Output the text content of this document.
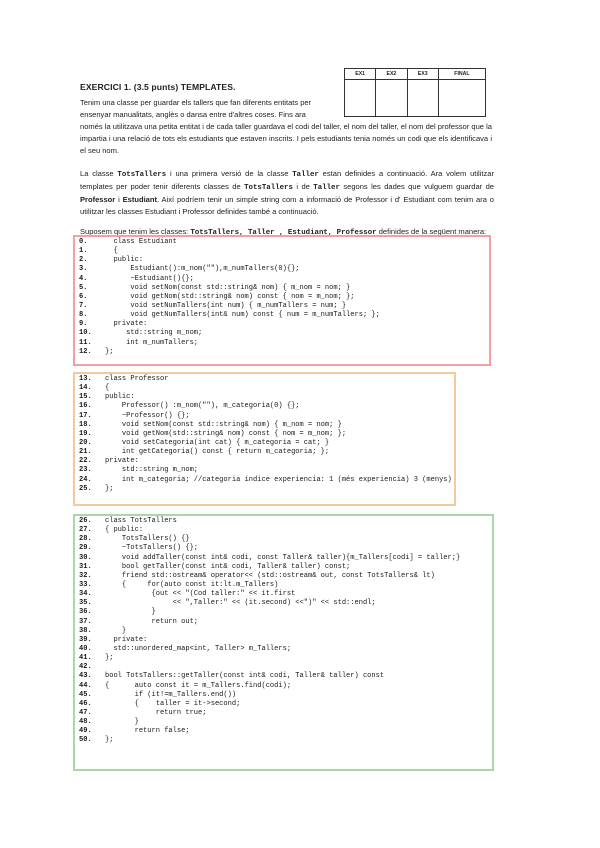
EXERCICI 1. (3.5 punts) TEMPLATES.
EX1	EX2	EX3	FINAL

Tenim una classe per guardar els tallers que fan diferents entitats per

ensenyar manualitats, anglès o dansa entre d'altres coses. Fins ara

només la utilitzava una petita entitat i de cada taller guardava el codi del taller, el nom del taller, el nom del professor que la impartia i una relació de tots els estudiants que estaven inscrits. I pels estudiants tenia només un codi que els identificava i el seu nom.

La classe TotsTallers i una primera versió de la classe Taller estan definides a continuació. Ara volem utilitzar templates per poder tenir diferents classes de TotsTallers i de Taller segons les dades que vulguem guardar de Professor i Estudiant. Així podríem tenir un simple string com a informació de Professor i d' Estudiant com tenim ara o utilitzar les classes Estudiant i Professor definides també a continuació.

Suposem que tenim les classes: TotsTallers, Taller , Estudiant, Professor definides de la següent manera:

0.  class Estudiant
1.  {
2.  public:
3.      Estudiant():m_nom(""),m_numTallers(0){};
4.      ~Estudiant(){};
5.      void setNom(const std::string& nom) { m_nom = nom; }
6.      void getNom(std::string& nom) const { nom = m_nom; };
7.      void setNumTallers(int num) { m_numTallers = num; }
8.      void getNumTallers(int& num) const { num = m_numTallers; };
9.  private:
10.     std::string m_nom;
11.     int m_numTallers;
12. };
13. class Professor
14. {
15. public:
16.    Professor() :m_nom(""), m_categoria(0) {};
17.    ~Professor() {};
18.    void setNom(const std::string& nom) { m_nom = nom; }
19.    void getNom(std::string& nom) const { nom = m_nom; };
20.    void setCategoria(int cat) { m_categoria = cat; }
21.    int getCategoria() const { return m_categoria; };
22. private:
23.    std::string m_nom;
24.    int m_categoria; //categoria índice experiencia: 1 (més experiencia) 3 (menys)
25. };
26. class TotsTallers
27. { public:
28.    TotsTallers() {}
29.    ~TotsTallers() {};
30.    void addTaller(const int& codi, const Taller& taller){m_Tallers[codi] = taller;}
31.    bool getTaller(const int& codi, Taller& taller) const;
32.    friend std::ostream& operator<< (std::ostream& out, const TotsTallers& lt)
33.    {     for(auto const it:lt.m_Tallers)
34.           {out << "(Cod taller:" << it.first
35.                << ",Taller:" << (it.second) <<")" << std::endl;
36.           }
37.           return out;
38.    }
39.  private:
40.  std::unordered_map<int, Taller> m_Tallers;
41. };
42.
43. bool TotsTallers::getTaller(const int& codi, Taller& taller) const
44. {      auto const it = m_Tallers.find(codi);
45.       if (it!=m_Tallers.end())
46.       {    taller = it->second;
47.            return true;
48.       }
49.       return false;
50. };
